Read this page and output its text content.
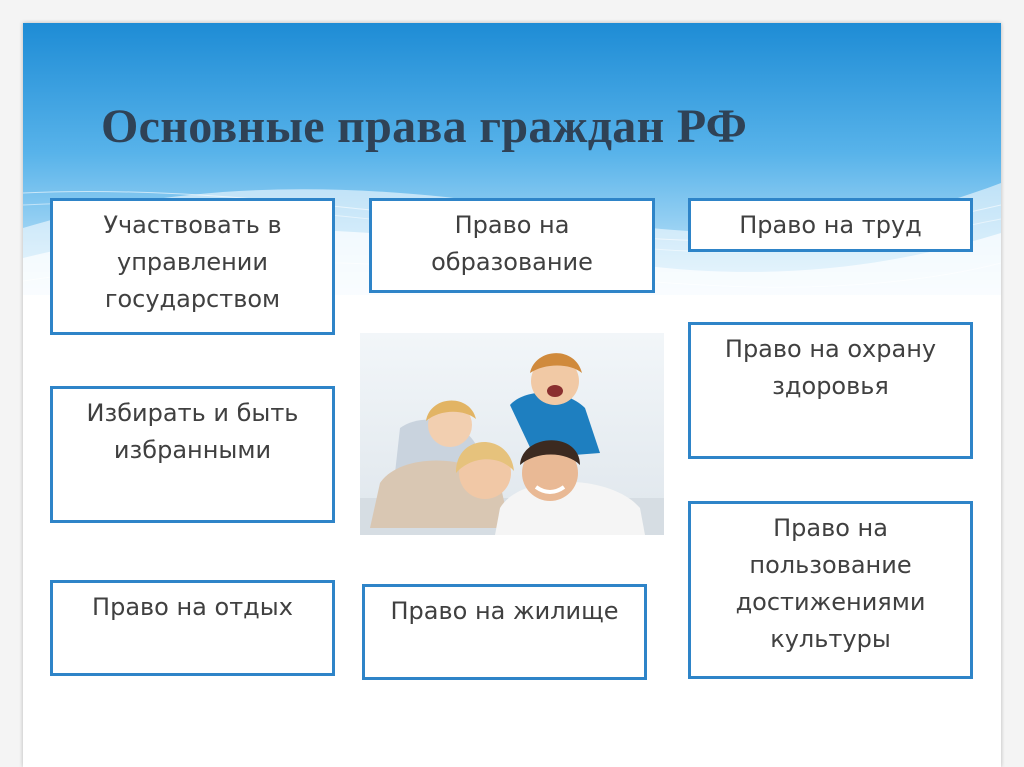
Основные права граждан РФ
Участвовать в управлении государством
Право на образование
Право на труд
Избирать и быть избранными
Право на охрану здоровья
Право на отдых	Право на жилище
Право на пользование достижениями культуры
